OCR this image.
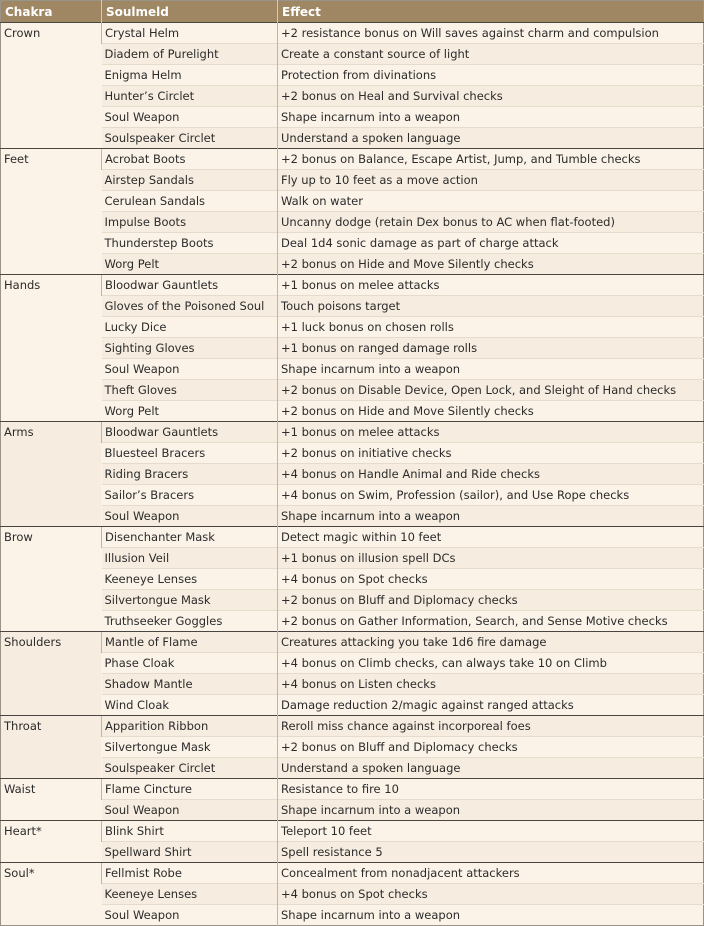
Chakra	Soulmeld	Effect
Crown	Crystal Helm	+2 resistance bonus on Will saves against charm and compulsion
	Diadem of Purelight	Create a constant source of light
	Enigma Helm	Protection from divinations
	Hunter’s Circlet	+2 bonus on Heal and Survival checks
	Soul Weapon	Shape incarnum into a weapon
	Soulspeaker Circlet	Understand a spoken language
Feet	Acrobat Boots	+2 bonus on Balance, Escape Artist, Jump, and Tumble checks
	Airstep Sandals	Fly up to 10 feet as a move action
	Cerulean Sandals	Walk on water
	Impulse Boots	Uncanny dodge (retain Dex bonus to AC when flat-footed)
	Thunderstep Boots	Deal 1d4 sonic damage as part of charge attack
	Worg Pelt	+2 bonus on Hide and Move Silently checks
Hands	Bloodwar Gauntlets	+1 bonus on melee attacks
	Gloves of the Poisoned Soul	Touch poisons target
	Lucky Dice	+1 luck bonus on chosen rolls
	Sighting Gloves	+1 bonus on ranged damage rolls
	Soul Weapon	Shape incarnum into a weapon
	Theft Gloves	+2 bonus on Disable Device, Open Lock, and Sleight of Hand checks
	Worg Pelt	+2 bonus on Hide and Move Silently checks
Arms	Bloodwar Gauntlets	+1 bonus on melee attacks
	Bluesteel Bracers	+2 bonus on initiative checks
	Riding Bracers	+4 bonus on Handle Animal and Ride checks
	Sailor’s Bracers	+4 bonus on Swim, Profession (sailor), and Use Rope checks
	Soul Weapon	Shape incarnum into a weapon
Brow	Disenchanter Mask	Detect magic within 10 feet
	Illusion Veil	+1 bonus on illusion spell DCs
	Keeneye Lenses	+4 bonus on Spot checks
	Silvertongue Mask	+2 bonus on Bluff and Diplomacy checks
	Truthseeker Goggles	+2 bonus on Gather Information, Search, and Sense Motive checks
Shoulders	Mantle of Flame	Creatures attacking you take 1d6 fire damage
	Phase Cloak	+4 bonus on Climb checks, can always take 10 on Climb
	Shadow Mantle	+4 bonus on Listen checks
	Wind Cloak	Damage reduction 2/magic against ranged attacks
Throat	Apparition Ribbon	Reroll miss chance against incorporeal foes
	Silvertongue Mask	+2 bonus on Bluff and Diplomacy checks
	Soulspeaker Circlet	Understand a spoken language
Waist	Flame Cincture	Resistance to fire 10
	Soul Weapon	Shape incarnum into a weapon
Heart*	Blink Shirt	Teleport 10 feet
	Spellward Shirt	Spell resistance 5
Soul*	Fellmist Robe	Concealment from nonadjacent attackers
	Keeneye Lenses	+4 bonus on Spot checks
	Soul Weapon	Shape incarnum into a weapon
